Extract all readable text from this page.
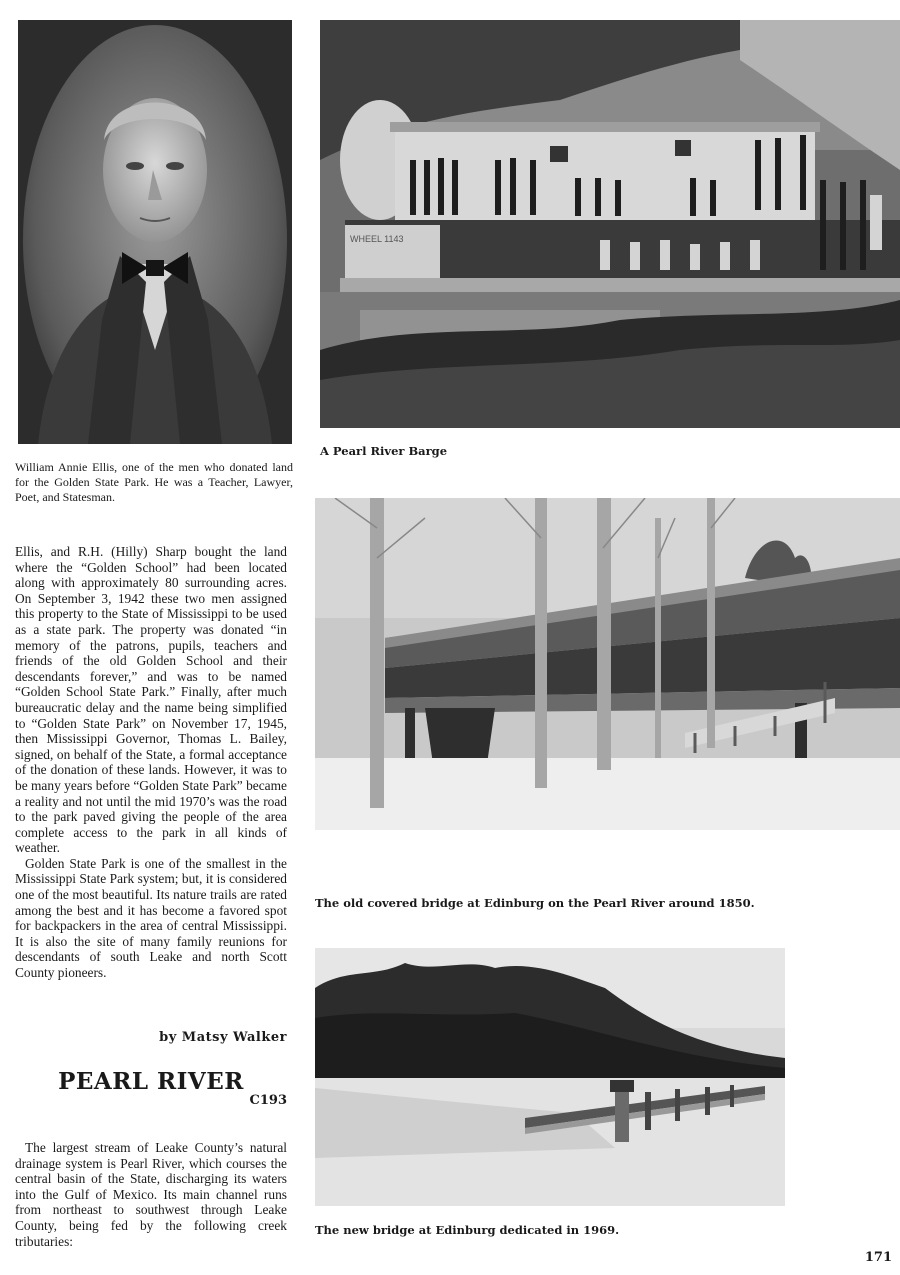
William Annie Ellis, one of the men who donated land for the Golden State Park. He was a Teacher, Lawyer, Poet, and Statesman.
WHEEL 1143
A Pearl River Barge
The old covered bridge at Edinburg on the Pearl River around 1850.
The new bridge at Edinburg dedicated in 1969.

Ellis, and R.H. (Hilly) Sharp bought the land where the “Golden School” had been located along with approximately 80 surrounding acres. On September 3, 1942 these two men assigned this property to the State of Mississippi to be used as a state park. The property was donated “in memory of the patrons, pupils, teachers and friends of the old Golden School and their descendants forever,” and was to be named “Golden School State Park.” Finally, after much bureaucratic delay and the name being simplified to “Golden State Park” on November 17, 1945, then Mississippi Governor, Thomas L. Bailey, signed, on behalf of the State, a formal acceptance of the donation of these lands. However, it was to be many years before “Golden State Park” became a reality and not until the mid 1970’s was the road to the park paved giving the people of the area complete access to the park in all kinds of weather.

Golden State Park is one of the smallest in the Mississippi State Park system; but, it is considered one of the most beautiful. Its nature trails are rated among the best and it has become a favored spot for backpackers in the area of central Mississippi. It is also the site of many family reunions for descendants of south Leake and north Scott County pioneers.

by Matsy Walker
PEARL RIVER
C193

The largest stream of Leake County’s natural drainage system is Pearl River, which courses the central basin of the State, discharging its waters into the Gulf of Mexico. Its main channel runs from northeast to southwest through Leake County, being fed by the following creek tributaries:

171
